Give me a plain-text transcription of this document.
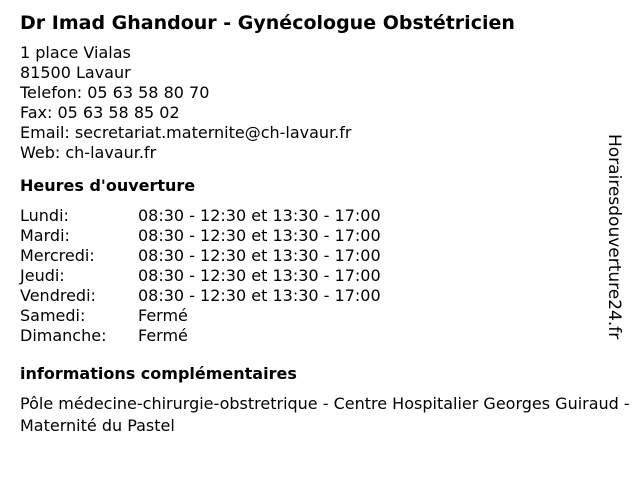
Dr Imad Ghandour - Gynécologue Obstétricien
1 place Vialas
81500 Lavaur
Telefon: 05 63 58 80 70
Fax: 05 63 58 85 02
Email: secretariat.maternite@ch-lavaur.fr
Web: ch-lavaur.fr
Heures d'ouverture
Lundi:	08:30 - 12:30 et 13:30 - 17:00
Mardi:	08:30 - 12:30 et 13:30 - 17:00
Mercredi:	08:30 - 12:30 et 13:30 - 17:00
Jeudi:	08:30 - 12:30 et 13:30 - 17:00
Vendredi:	08:30 - 12:30 et 13:30 - 17:00
Samedi:	Fermé
Dimanche:	Fermé
informations complémentaires
Pôle médecine-chirurgie-obstretrique - Centre Hospitalier Georges Guiraud - Maternité du Pastel
Horairesdouverture24.fr
